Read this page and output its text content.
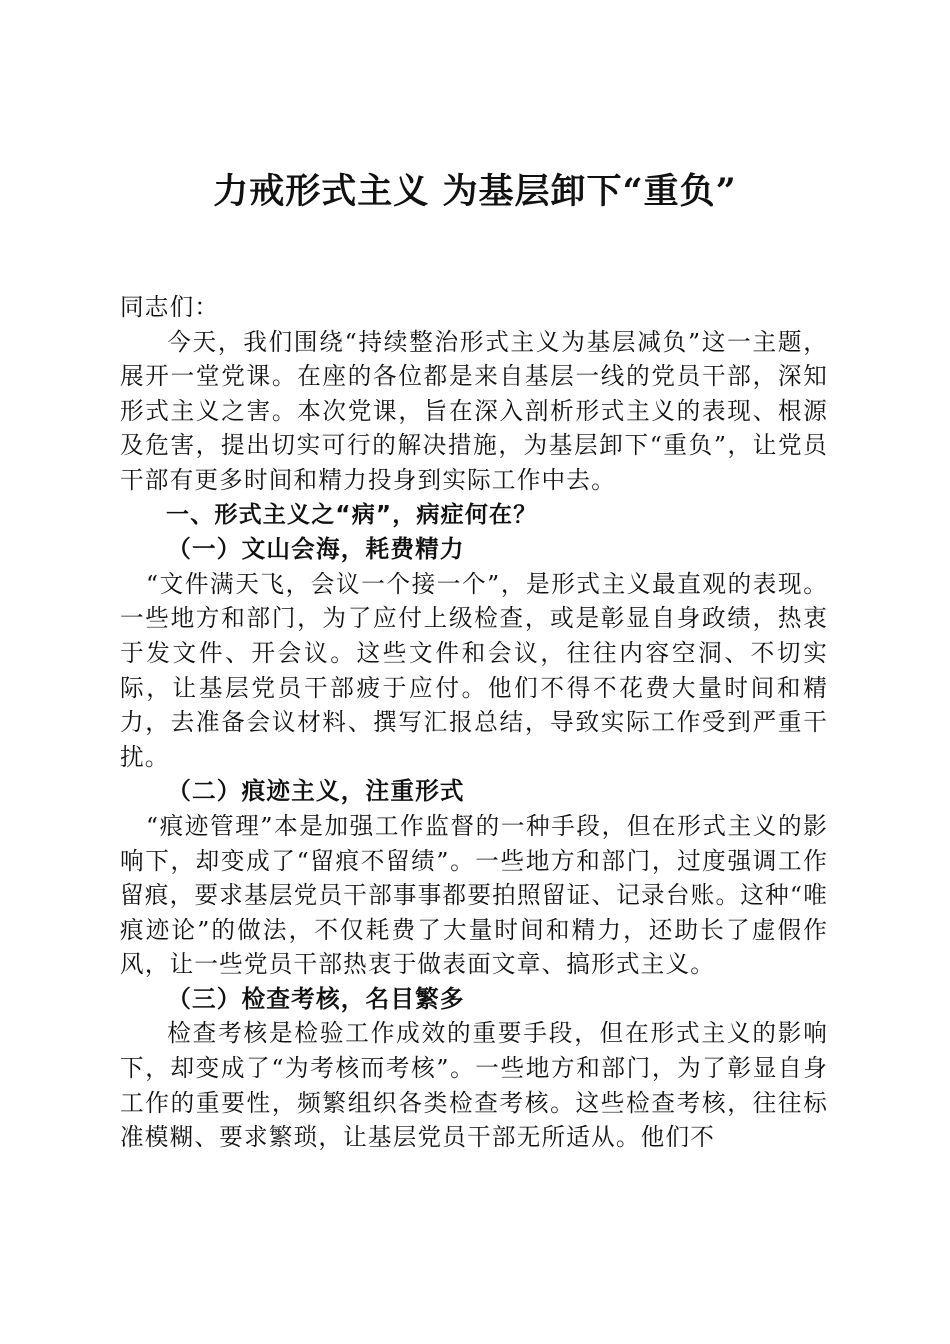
力戒形式主义 为基层卸下“重负”

同志们：

今天，我们围绕“持续整治形式主义为基层减负”这一主题，展开一堂党课。在座的各位都是来自基层一线的党员干部，深知形式主义之害。本次党课，旨在深入剖析形式主义的表现、根源及危害，提出切实可行的解决措施，为基层卸下“重负”，让党员干部有更多时间和精力投身到实际工作中去。

一、形式主义之“病”，病症何在？

（一）文山会海，耗费精力

“文件满天飞，会议一个接一个”，是形式主义最直观的表现。一些地方和部门，为了应付上级检查，或是彰显自身政绩，热衷于发文件、开会议。这些文件和会议，往往内容空洞、不切实际，让基层党员干部疲于应付。他们不得不花费大量时间和精力，去准备会议材料、撰写汇报总结，导致实际工作受到严重干扰。

（二）痕迹主义，注重形式

“痕迹管理”本是加强工作监督的一种手段，但在形式主义的影响下，却变成了“留痕不留绩”。一些地方和部门，过度强调工作留痕，要求基层党员干部事事都要拍照留证、记录台账。这种“唯痕迹论”的做法，不仅耗费了大量时间和精力，还助长了虚假作风，让一些党员干部热衷于做表面文章、搞形式主义。

（三）检查考核，名目繁多

检查考核是检验工作成效的重要手段，但在形式主义的影响下，却变成了“为考核而考核”。一些地方和部门，为了彰显自身工作的重要性，频繁组织各类检查考核。这些检查考核，往往标准模糊、要求繁琐，让基层党员干部无所适从。他们不
